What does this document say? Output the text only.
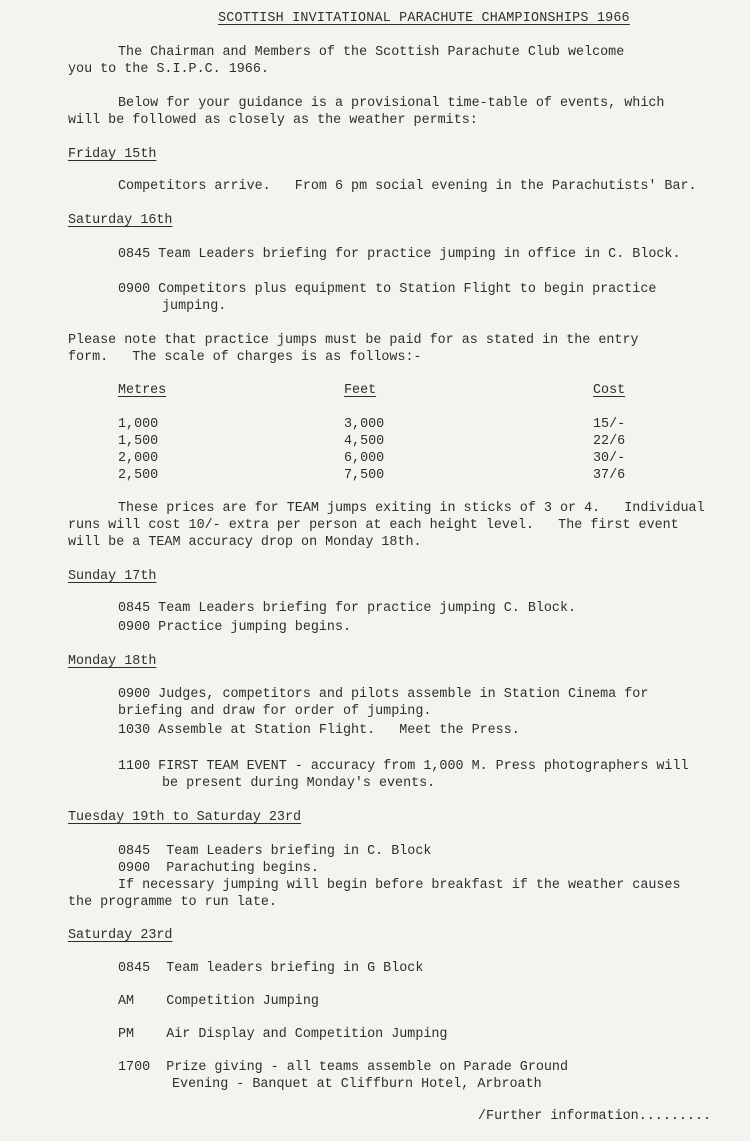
SCOTTISH INVITATIONAL PARACHUTE CHAMPIONSHIPS 1966
The Chairman and Members of the Scottish Parachute Club welcome
you to the S.I.P.C. 1966.
Below for your guidance is a provisional time-table of events, which
will be followed as closely as the weather permits:
Friday 15th
Competitors arrive.   From 6 pm social evening in the Parachutists' Bar.
Saturday 16th
0845 Team Leaders briefing for practice jumping in office in C. Block.
0900 Competitors plus equipment to Station Flight to begin practice
jumping.
Please note that practice jumps must be paid for as stated in the entry
form.   The scale of charges is as follows:-
Metres	Feet	Cost
1,000	3,000	15/-
1,500	4,500	22/6
2,000	6,000	30/-
2,500	7,500	37/6
These prices are for TEAM jumps exiting in sticks of 3 or 4.   Individual
runs will cost 10/- extra per person at each height level.   The first event
will be a TEAM accuracy drop on Monday 18th.
Sunday 17th
0845 Team Leaders briefing for practice jumping C. Block.
0900 Practice jumping begins.
Monday 18th
0900 Judges, competitors and pilots assemble in Station Cinema for
briefing and draw for order of jumping.
1030 Assemble at Station Flight.   Meet the Press.
1100 FIRST TEAM EVENT - accuracy from 1,000 M. Press photographers will
be present during Monday's events.
Tuesday 19th to Saturday 23rd
0845  Team Leaders briefing in C. Block
0900  Parachuting begins.
If necessary jumping will begin before breakfast if the weather causes
the programme to run late.
Saturday 23rd
0845  Team leaders briefing in G Block
AM    Competition Jumping
PM    Air Display and Competition Jumping
1700  Prize giving - all teams assemble on Parade Ground
Evening - Banquet at Cliffburn Hotel, Arbroath
/Further information.........
